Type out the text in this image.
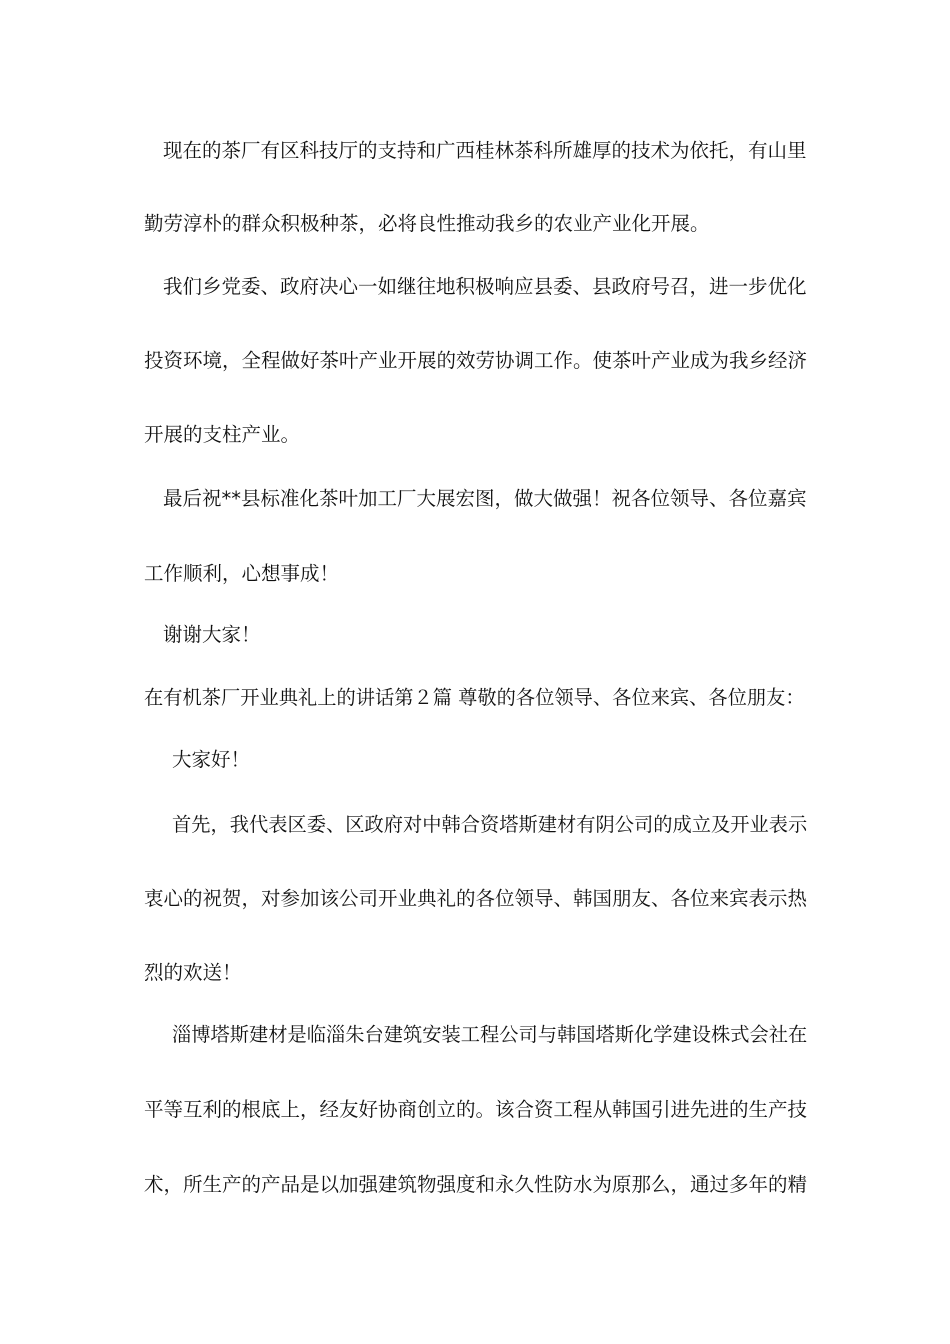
现在的茶厂有区科技厅的支持和广西桂林茶科所雄厚的技术为依托，有山里
勤劳淳朴的群众积极种茶，必将良性推动我乡的农业产业化开展。
我们乡党委、政府决心一如继往地积极响应县委、县政府号召，进一步优化
投资环境，全程做好茶叶产业开展的效劳协调工作。使茶叶产业成为我乡经济
开展的支柱产业。
最后祝**县标准化茶叶加工厂大展宏图，做大做强！祝各位领导、各位嘉宾
工作顺利，心想事成！
谢谢大家！
在有机茶厂开业典礼上的讲话第２篇 尊敬的各位领导、各位来宾、各位朋友：
大家好！
首先，我代表区委、区政府对中韩合资塔斯建材有阴公司的成立及开业表示
衷心的祝贺，对参加该公司开业典礼的各位领导、韩国朋友、各位来宾表示热
烈的欢送！
淄博塔斯建材是临淄朱台建筑安装工程公司与韩国塔斯化学建设株式会社在
平等互利的根底上，经友好协商创立的。该合资工程从韩国引进先进的生产技
术，所生产的产品是以加强建筑物强度和永久性防水为原那么，通过多年的精
